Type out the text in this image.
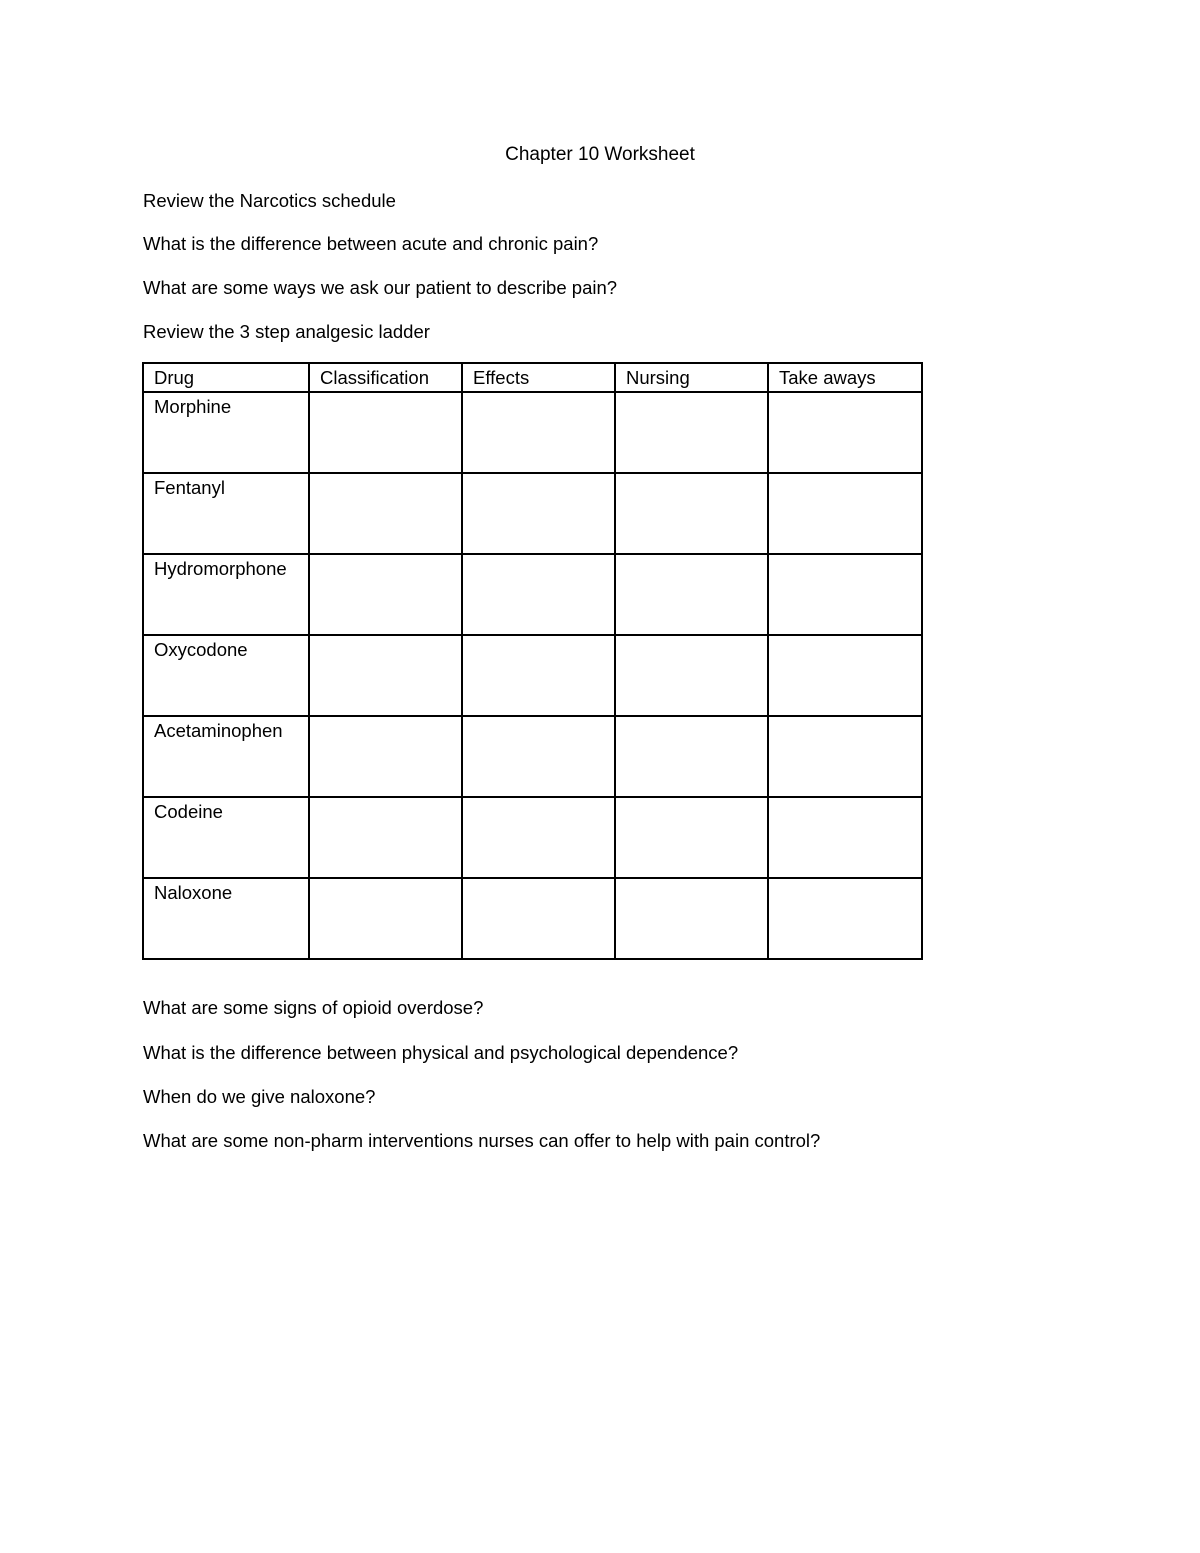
Chapter 10 Worksheet
Review the Narcotics schedule
What is the difference between acute and chronic pain?
What are some ways we ask our patient to describe pain?
Review the 3 step analgesic ladder
Drug	Classification	Effects	Nursing	Take aways
Morphine				
Fentanyl				
Hydromorphone				
Oxycodone				
Acetaminophen				
Codeine				
Naloxone				
What are some signs of opioid overdose?
What is the difference between physical and psychological dependence?
When do we give naloxone?
What are some non-pharm interventions nurses can offer to help with pain control?
